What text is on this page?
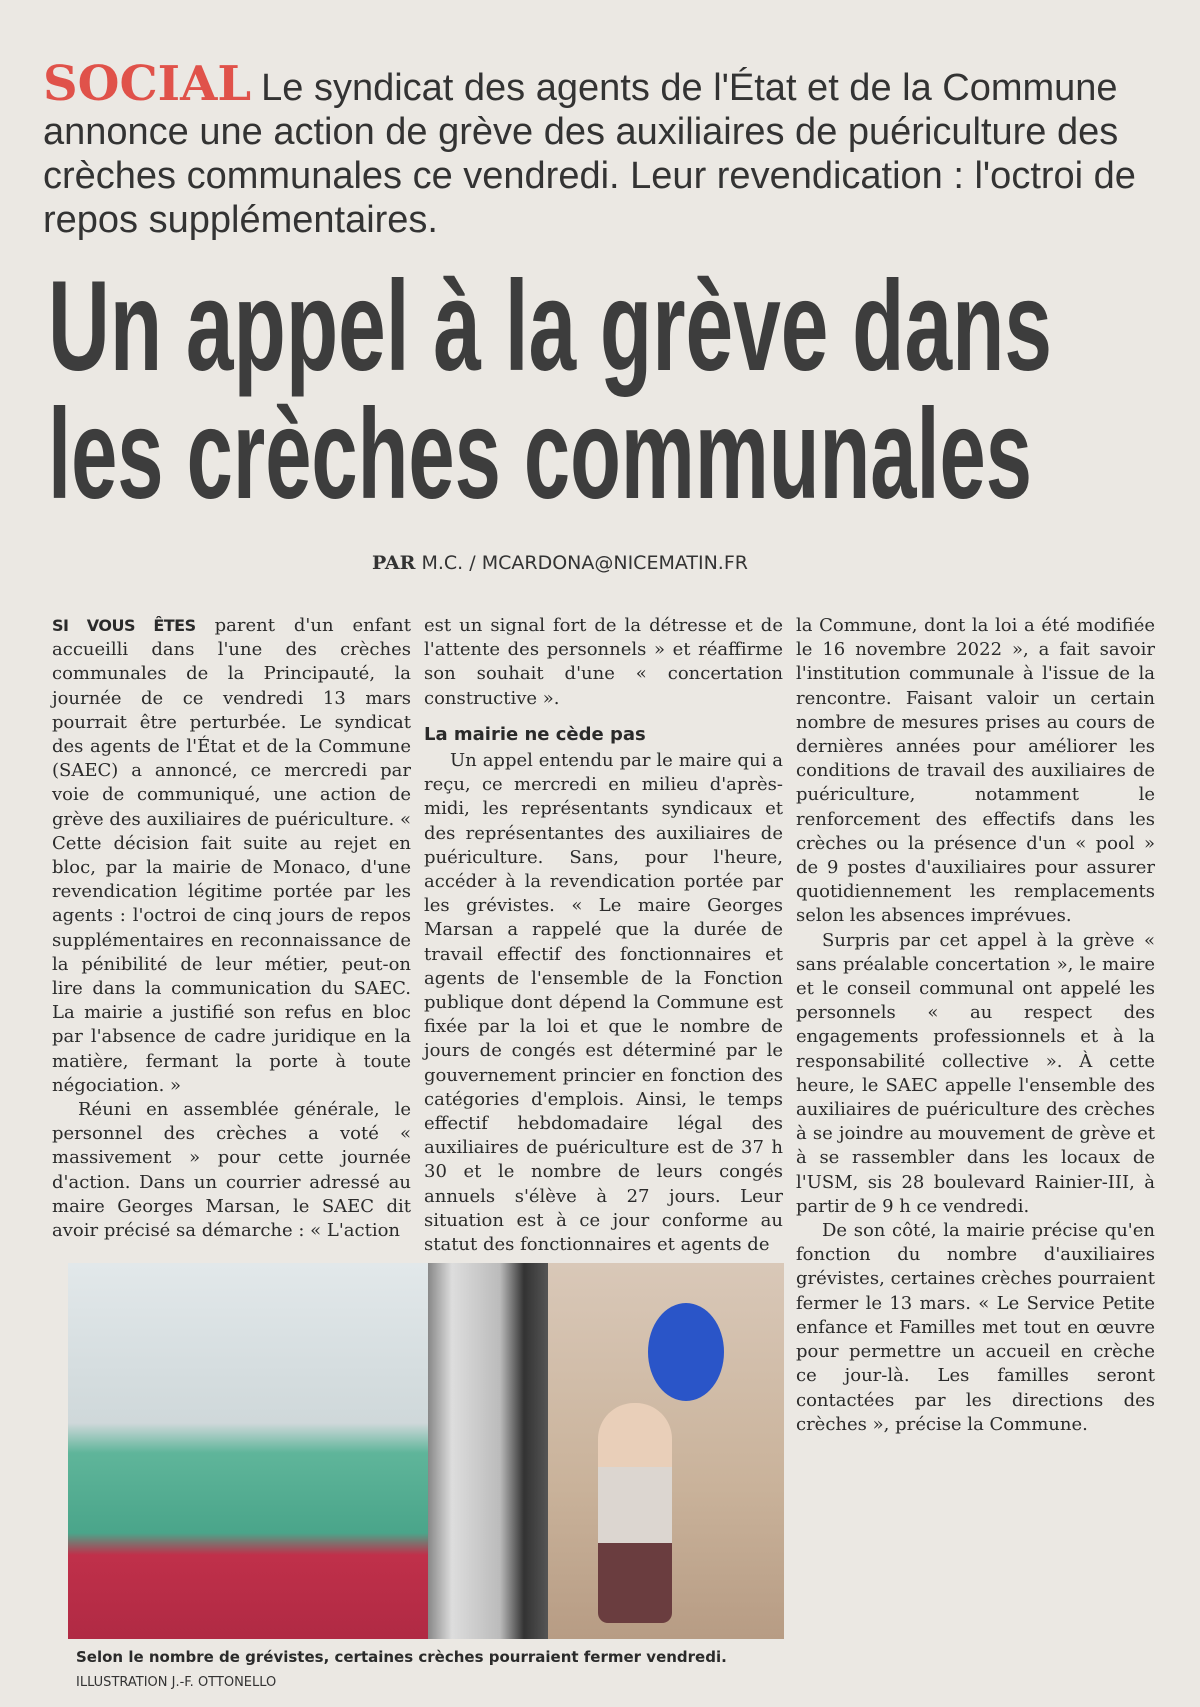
SOCIAL Le syndicat des agents de l'État et de la Commune annonce une action de grève des auxiliaires de puériculture des crèches communales ce vendredi. Leur revendication : l'octroi de repos supplémentaires.
Un appel à la grève dans
les crèches communales
PAR M.C. / MCARDONA@NICEMATIN.FR

SI VOUS ÊTES parent d'un enfant accueilli dans l'une des crèches communales de la Principauté, la journée de ce vendredi 13 mars pourrait être perturbée. Le syndicat des agents de l'État et de la Commune (SAEC) a annoncé, ce mercredi par voie de communiqué, une action de grève des auxiliaires de puériculture. « Cette décision fait suite au rejet en bloc, par la mairie de Monaco, d'une revendication légitime portée par les agents : l'octroi de cinq jours de repos supplémentaires en reconnaissance de la pénibilité de leur métier, peut-on lire dans la communication du SAEC. La mairie a justifié son refus en bloc par l'absence de cadre juridique en la matière, fermant la porte à toute négociation. »

Réuni en assemblée générale, le personnel des crèches a voté « massivement » pour cette journée d'action. Dans un courrier adressé au maire Georges Marsan, le SAEC dit avoir précisé sa démarche : « L'action
est un signal fort de la détresse et de l'attente des personnels » et réaffirme son souhait d'une « concertation constructive ».

La mairie ne cède pas

Un appel entendu par le maire qui a reçu, ce mercredi en milieu d'après-midi, les représentants syndicaux et des représentantes des auxiliaires de puériculture. Sans, pour l'heure, accéder à la revendication portée par les grévistes. « Le maire Georges Marsan a rappelé que la durée de travail effectif des fonctionnaires et agents de l'ensemble de la Fonction publique dont dépend la Commune est fixée par la loi et que le nombre de jours de congés est déterminé par le gouvernement princier en fonction des catégories d'emplois. Ainsi, le temps effectif hebdomadaire légal des auxiliaires de puériculture est de 37 h 30 et le nombre de leurs congés annuels s'élève à 27 jours. Leur situation est à ce jour conforme au statut des fonctionnaires et agents de
la Commune, dont la loi a été modifiée le 16 novembre 2022 », a fait savoir l'institution communale à l'issue de la rencontre. Faisant valoir un certain nombre de mesures prises au cours de dernières années pour améliorer les conditions de travail des auxiliaires de puériculture, notamment le renforcement des effectifs dans les crèches ou la présence d'un « pool » de 9 postes d'auxiliaires pour assurer quotidiennement les remplacements selon les absences imprévues.

Surpris par cet appel à la grève « sans préalable concertation », le maire et le conseil communal ont appelé les personnels « au respect des engagements professionnels et à la responsabilité collective ». À cette heure, le SAEC appelle l'ensemble des auxiliaires de puériculture des crèches à se joindre au mouvement de grève et à se rassembler dans les locaux de l'USM, sis 28 boulevard Rainier-III, à partir de 9 h ce vendredi.

De son côté, la mairie précise qu'en fonction du nombre d'auxiliaires grévistes, certaines crèches pourraient fermer le 13 mars. « Le Service Petite enfance et Familles met tout en œuvre pour permettre un accueil en crèche ce jour-là. Les familles seront contactées par les directions des crèches », précise la Commune.

Selon le nombre de grévistes, certaines crèches pourraient fermer vendredi.
ILLUSTRATION J.-F. OTTONELLO
